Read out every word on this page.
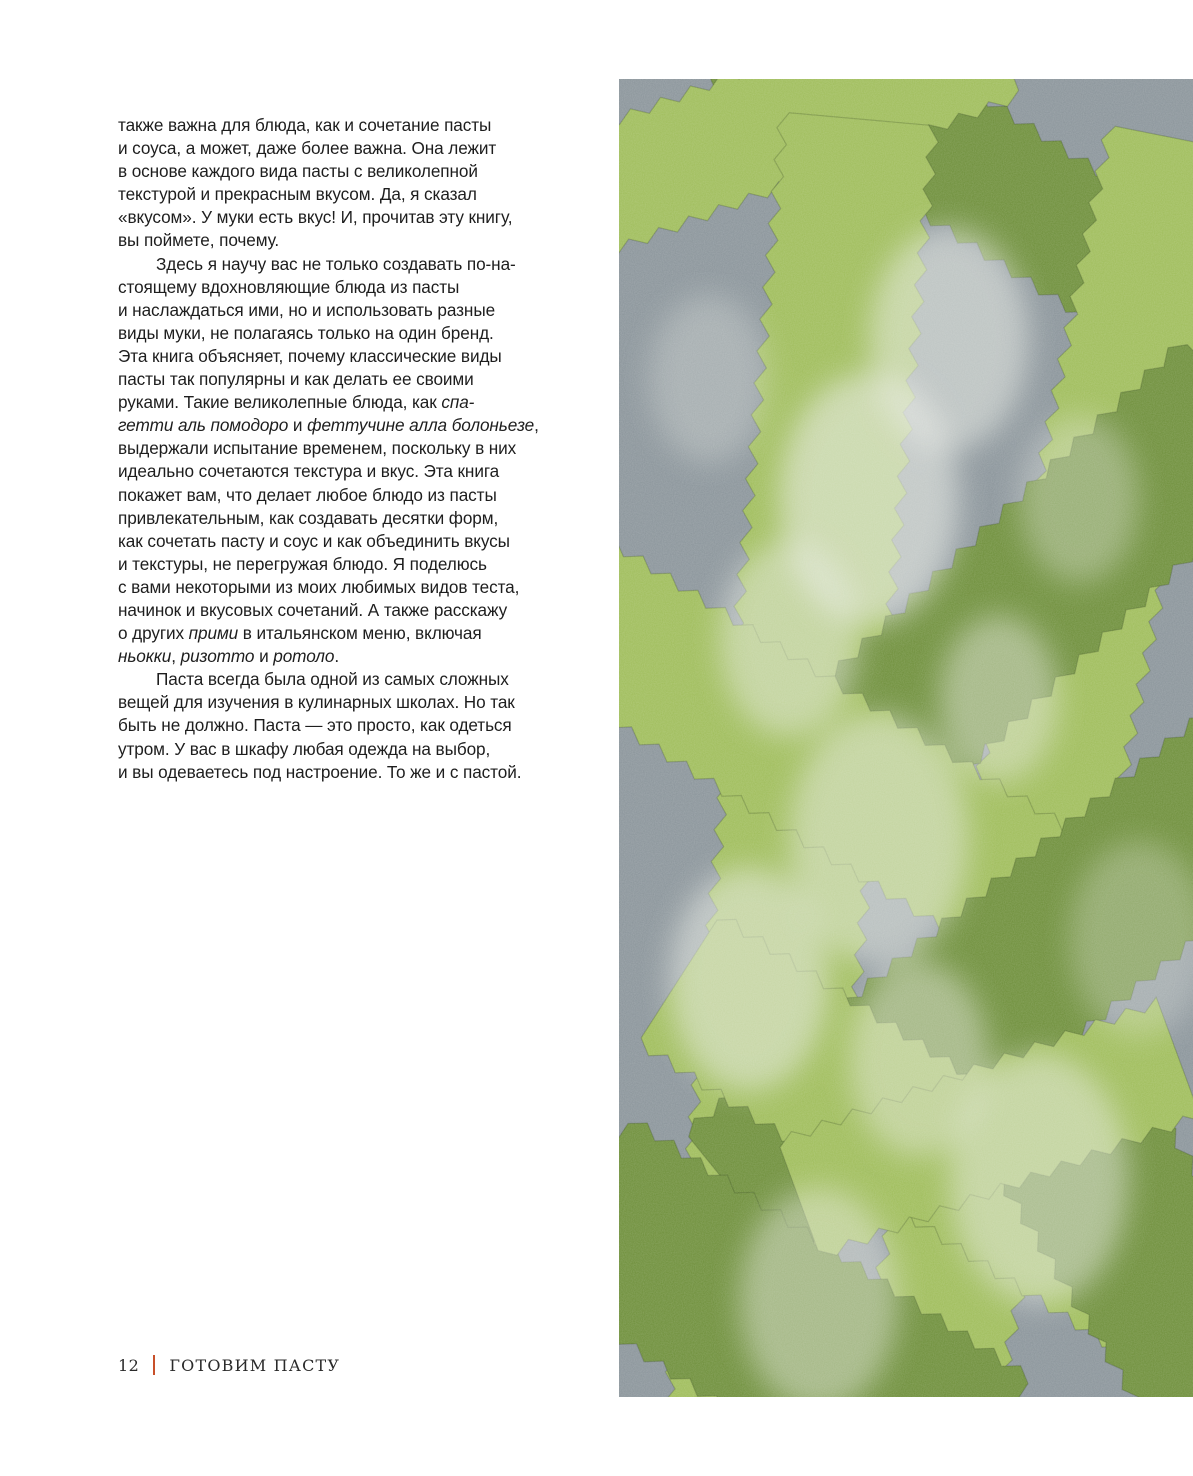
также важна для блюда, как и сочетание пасты
и соуса, а может, даже более важна. Она лежит
в основе каждого вида пасты с великолепной
текстурой и прекрасным вкусом. Да, я сказал
«вкусом». У муки есть вкус! И, прочитав эту книгу,
вы поймете, почему.
Здесь я научу вас не только создавать по-на-
стоящему вдохновляющие блюда из пасты
и наслаждаться ими, но и использовать разные
виды муки, не полагаясь только на один бренд.
Эта книга объясняет, почему классические виды
пасты так популярны и как делать ее своими
руками. Такие великолепные блюда, как спа-
гетти аль помодоро и феттучине алла болоньезе,
выдержали испытание временем, поскольку в них
идеально сочетаются текстура и вкус. Эта книга
покажет вам, что делает любое блюдо из пасты
привлекательным, как создавать десятки форм,
как сочетать пасту и соус и как объединить вкусы
и текстуры, не перегружая блюдо. Я поделюсь
с вами некоторыми из моих любимых видов теста,
начинок и вкусовых сочетаний. А также расскажу
о других прими в итальянском меню, включая
ньокки, ризотто и ротоло.
Паста всегда была одной из самых сложных
вещей для изучения в кулинарных школах. Но так
быть не должно. Паста — это просто, как одеться
утром. У вас в шкафу любая одежда на выбор,
и вы одеваетесь под настроение. То же и с пастой.
12 ГОТОВИМ ПАСТУ
